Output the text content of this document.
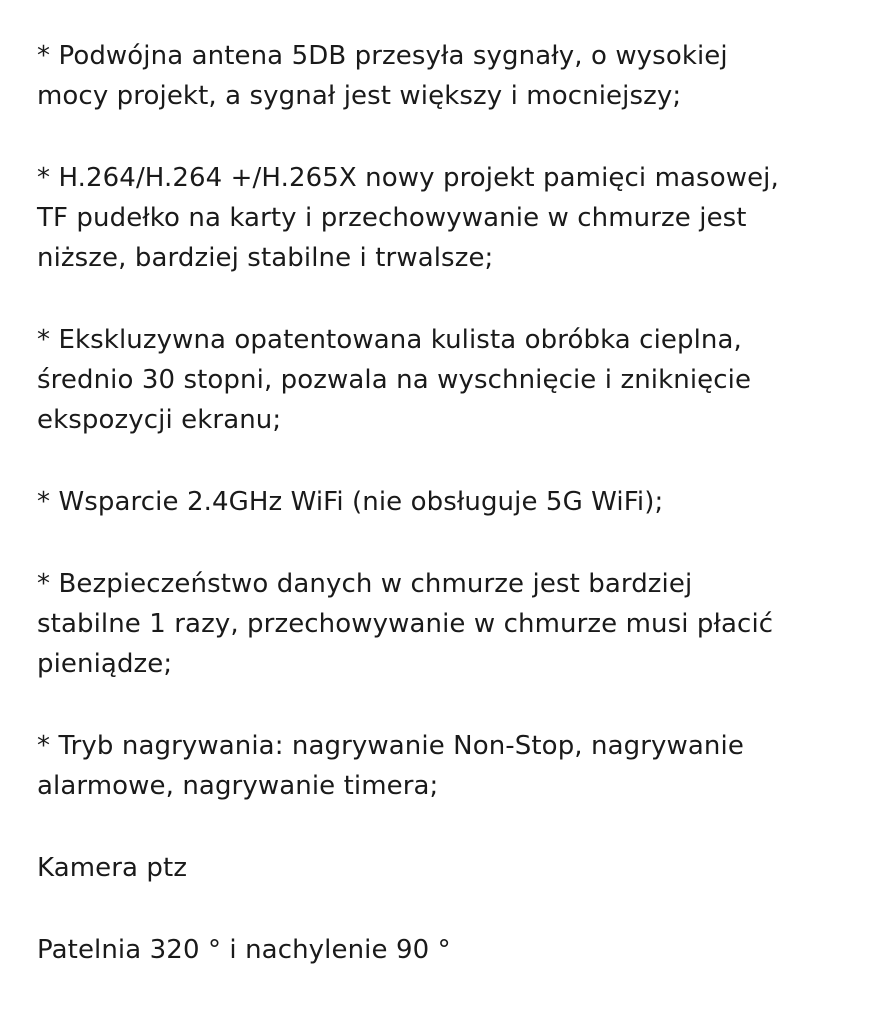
* Podwójna antena 5DB przesyła sygnały, o wysokiej
mocy projekt, a sygnał jest większy i mocniejszy;

* H.264/H.264 +/H.265X nowy projekt pamięci masowej,
TF pudełko na karty i przechowywanie w chmurze jest
niższe, bardziej stabilne i trwalsze;

* Ekskluzywna opatentowana kulista obróbka cieplna,
średnio 30 stopni, pozwala na wyschnięcie i zniknięcie
ekspozycji ekranu;

* Wsparcie 2.4GHz WiFi (nie obsługuje 5G WiFi);

* Bezpieczeństwo danych w chmurze jest bardziej
stabilne 1 razy, przechowywanie w chmurze musi płacić
pieniądze;

* Tryb nagrywania: nagrywanie Non-Stop, nagrywanie
alarmowe, nagrywanie timera;

Kamera ptz

Patelnia 320 ° i nachylenie 90 °
